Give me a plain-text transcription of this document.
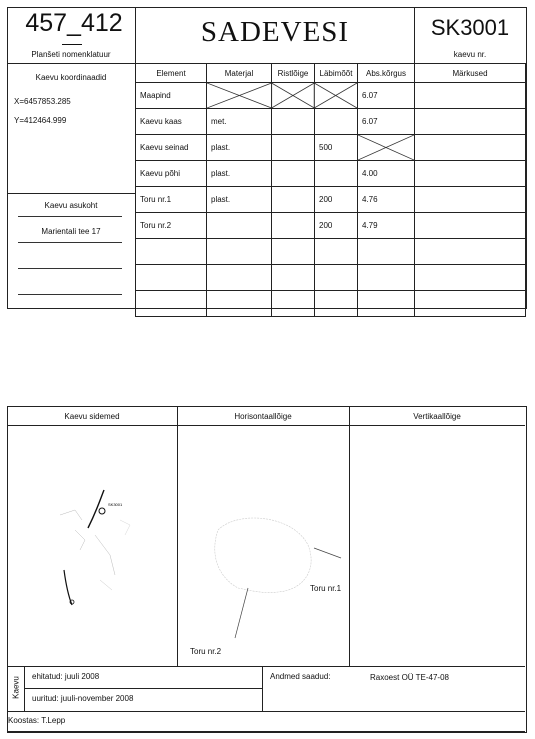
457_412
Planšeti nomenklatuur
SADEVESI	SK3001
kaevu nr.
Kaevu koordinaadid
X=6457853.285
Y=412464.999
Kaevu asukoht
Marientali tee 17
Element	Materjal	Ristlõige	Läbimõõt	Abs.kõrgus	Märkused
Maapind				6.07	
Kaevu kaas	met.			6.07	
Kaevu seinad	plast.		500	

Kaevu põhi	plast.			4.00	
Toru nr.1	plast.		200	4.76	
Toru nr.2			200	4.79	

Kaevu sidemed	Horisontaallõige	Vertikaallõige
SK3001
Toru nr.1
Toru nr.2
Kaevu ehitatud: juuli 2008
uuritud: juuli-november 2008
Andmed saadud:	Raxoest OÜ TE-47-08
Koostas: T.Lepp
